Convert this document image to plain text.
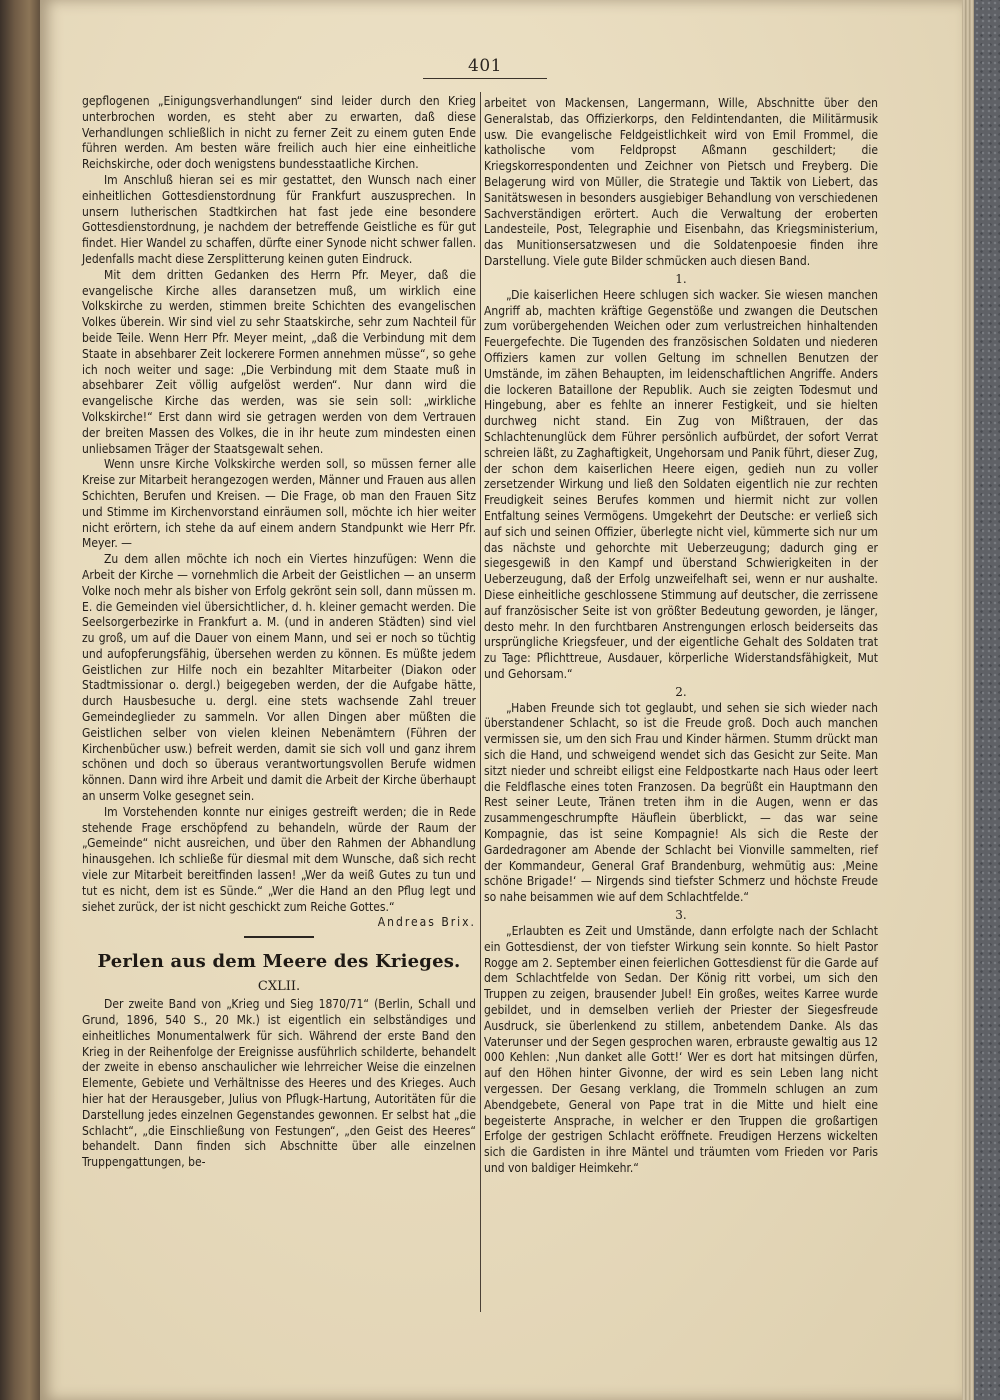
401

gepflogenen „Einigungsverhandlungen“ sind leider durch den Krieg unterbrochen worden, es steht aber zu erwarten, daß diese Verhandlungen schließlich in nicht zu ferner Zeit zu einem guten Ende führen werden. Am besten wäre freilich auch hier eine einheitliche Reichskirche, oder doch wenigstens bundesstaatliche Kirchen.

Im Anschluß hieran sei es mir gestattet, den Wunsch nach einer einheitlichen Gottesdienstordnung für Frankfurt auszusprechen. In unsern lutherischen Stadtkirchen hat fast jede eine besondere Gottesdienstordnung, je nachdem der betreffende Geistliche es für gut findet. Hier Wandel zu schaffen, dürfte einer Synode nicht schwer fallen. Jedenfalls macht diese Zersplitterung keinen guten Eindruck.

Mit dem dritten Gedanken des Herrn Pfr. Meyer, daß die evangelische Kirche alles daransetzen muß, um wirklich eine Volkskirche zu werden, stimmen breite Schichten des evangelischen Volkes überein. Wir sind viel zu sehr Staatskirche, sehr zum Nachteil für beide Teile. Wenn Herr Pfr. Meyer meint, „daß die Verbindung mit dem Staate in absehbarer Zeit lockerere Formen annehmen müsse“, so gehe ich noch weiter und sage: „Die Verbindung mit dem Staate muß in absehbarer Zeit völlig aufgelöst werden“. Nur dann wird die evangelische Kirche das werden, was sie sein soll: „wirkliche Volkskirche!“ Erst dann wird sie getragen werden von dem Vertrauen der breiten Massen des Volkes, die in ihr heute zum mindesten einen unliebsamen Träger der Staatsgewalt sehen.

Wenn unsre Kirche Volkskirche werden soll, so müssen ferner alle Kreise zur Mitarbeit herangezogen werden, Männer und Frauen aus allen Schichten, Berufen und Kreisen. — Die Frage, ob man den Frauen Sitz und Stimme im Kirchenvorstand einräumen soll, möchte ich hier weiter nicht erörtern, ich stehe da auf einem andern Standpunkt wie Herr Pfr. Meyer. —

Zu dem allen möchte ich noch ein Viertes hinzufügen: Wenn die Arbeit der Kirche — vornehmlich die Arbeit der Geistlichen — an unserm Volke noch mehr als bisher von Erfolg gekrönt sein soll, dann müssen m. E. die Gemeinden viel übersichtlicher, d. h. kleiner gemacht werden. Die Seelsorgerbezirke in Frankfurt a. M. (und in anderen Städten) sind viel zu groß, um auf die Dauer von einem Mann, und sei er noch so tüchtig und aufopferungsfähig, übersehen werden zu können. Es müßte jedem Geistlichen zur Hilfe noch ein bezahlter Mitarbeiter (Diakon oder Stadtmissionar o. dergl.) beigegeben werden, der die Aufgabe hätte, durch Hausbesuche u. dergl. eine stets wachsende Zahl treuer Gemeindeglieder zu sammeln. Vor allen Dingen aber müßten die Geistlichen selber von vielen kleinen Nebenämtern (Führen der Kirchenbücher usw.) befreit werden, damit sie sich voll und ganz ihrem schönen und doch so überaus verantwortungsvollen Berufe widmen können. Dann wird ihre Arbeit und damit die Arbeit der Kirche überhaupt an unserm Volke gesegnet sein.

Im Vorstehenden konnte nur einiges gestreift werden; die in Rede stehende Frage erschöpfend zu behandeln, würde der Raum der „Gemeinde“ nicht ausreichen, und über den Rahmen der Abhandlung hinausgehen. Ich schließe für diesmal mit dem Wunsche, daß sich recht viele zur Mitarbeit bereitfinden lassen! „Wer da weiß Gutes zu tun und tut es nicht, dem ist es Sünde.“ „Wer die Hand an den Pflug legt und siehet zurück, der ist nicht geschickt zum Reiche Gottes.“

Andreas Brix.
Perlen aus dem Meere des Krieges.
CXLII.

Der zweite Band von „Krieg und Sieg 1870/71“ (Berlin, Schall und Grund, 1896, 540 S., 20 Mk.) ist eigentlich ein selbständiges und einheitliches Monumentalwerk für sich. Während der erste Band den Krieg in der Reihenfolge der Ereignisse ausführlich schilderte, behandelt der zweite in ebenso anschaulicher wie lehrreicher Weise die einzelnen Elemente, Gebiete und Verhältnisse des Heeres und des Krieges. Auch hier hat der Herausgeber, Julius von Pflugk-Hartung, Autoritäten für die Darstellung jedes einzelnen Gegenstandes gewonnen. Er selbst hat „die Schlacht“, „die Einschließung von Festungen“, „den Geist des Heeres“ behandelt. Dann finden sich Abschnitte über alle einzelnen Truppengattungen, be-

arbeitet von Mackensen, Langermann, Wille, Abschnitte über den Generalstab, das Offizierkorps, den Feldintendanten, die Militärmusik usw. Die evangelische Feldgeistlichkeit wird von Emil Frommel, die katholische vom Feldpropst Aßmann geschildert; die Kriegskorrespondenten und Zeichner von Pietsch und Freyberg. Die Belagerung wird von Müller, die Strategie und Taktik von Liebert, das Sanitätswesen in besonders ausgiebiger Behandlung von verschiedenen Sachverständigen erörtert. Auch die Verwaltung der eroberten Landesteile, Post, Telegraphie und Eisenbahn, das Kriegsministerium, das Munitionsersatzwesen und die Soldatenpoesie finden ihre Darstellung. Viele gute Bilder schmücken auch diesen Band.

1.

„Die kaiserlichen Heere schlugen sich wacker. Sie wiesen manchen Angriff ab, machten kräftige Gegenstöße und zwangen die Deutschen zum vorübergehenden Weichen oder zum verlustreichen hinhaltenden Feuergefechte. Die Tugenden des französischen Soldaten und niederen Offiziers kamen zur vollen Geltung im schnellen Benutzen der Umstände, im zähen Behaupten, im leidenschaftlichen Angriffe. Anders die lockeren Bataillone der Republik. Auch sie zeigten Todesmut und Hingebung, aber es fehlte an innerer Festigkeit, und sie hielten durchweg nicht stand. Ein Zug von Mißtrauen, der das Schlachtenunglück dem Führer persönlich aufbürdet, der sofort Verrat schreien läßt, zu Zaghaftigkeit, Ungehorsam und Panik führt, dieser Zug, der schon dem kaiserlichen Heere eigen, gedieh nun zu voller zersetzender Wirkung und ließ den Soldaten eigentlich nie zur rechten Freudigkeit seines Berufes kommen und hiermit nicht zur vollen Entfaltung seines Vermögens. Umgekehrt der Deutsche: er verließ sich auf sich und seinen Offizier, überlegte nicht viel, kümmerte sich nur um das nächste und gehorchte mit Ueberzeugung; dadurch ging er siegesgewiß in den Kampf und überstand Schwierigkeiten in der Ueberzeugung, daß der Erfolg unzweifelhaft sei, wenn er nur aushalte. Diese einheitliche geschlossene Stimmung auf deutscher, die zerrissene auf französischer Seite ist von größter Bedeutung geworden, je länger, desto mehr. In den furchtbaren Anstrengungen erlosch beiderseits das ursprüngliche Kriegsfeuer, und der eigentliche Gehalt des Soldaten trat zu Tage: Pflichttreue, Ausdauer, körperliche Widerstandsfähigkeit, Mut und Gehorsam.“

2.

„Haben Freunde sich tot geglaubt, und sehen sie sich wieder nach überstandener Schlacht, so ist die Freude groß. Doch auch manchen vermissen sie, um den sich Frau und Kinder härmen. Stumm drückt man sich die Hand, und schweigend wendet sich das Gesicht zur Seite. Man sitzt nieder und schreibt eiligst eine Feldpostkarte nach Haus oder leert die Feldflasche eines toten Franzosen. Da begrüßt ein Hauptmann den Rest seiner Leute, Tränen treten ihm in die Augen, wenn er das zusammengeschrumpfte Häuflein überblickt, — das war seine Kompagnie, das ist seine Kompagnie! Als sich die Reste der Gardedragoner am Abende der Schlacht bei Vionville sammelten, rief der Kommandeur, General Graf Brandenburg, wehmütig aus: ‚Meine schöne Brigade!‘ — Nirgends sind tiefster Schmerz und höchste Freude so nahe beisammen wie auf dem Schlachtfelde.“

3.

„Erlaubten es Zeit und Umstände, dann erfolgte nach der Schlacht ein Gottesdienst, der von tiefster Wirkung sein konnte. So hielt Pastor Rogge am 2. September einen feierlichen Gottesdienst für die Garde auf dem Schlachtfelde von Sedan. Der König ritt vorbei, um sich den Truppen zu zeigen, brausender Jubel! Ein großes, weites Karree wurde gebildet, und in demselben verlieh der Priester der Siegesfreude Ausdruck, sie überlenkend zu stillem, anbetendem Danke. Als das Vaterunser und der Segen gesprochen waren, erbrauste gewaltig aus 12 000 Kehlen: ‚Nun danket alle Gott!‘ Wer es dort hat mitsingen dürfen, auf den Höhen hinter Givonne, der wird es sein Leben lang nicht vergessen. Der Gesang verklang, die Trommeln schlugen an zum Abendgebete, General von Pape trat in die Mitte und hielt eine begeisterte Ansprache, in welcher er den Truppen die großartigen Erfolge der gestrigen Schlacht eröffnete. Freudigen Herzens wickelten sich die Gardisten in ihre Mäntel und träumten vom Frieden vor Paris und von baldiger Heimkehr.“
